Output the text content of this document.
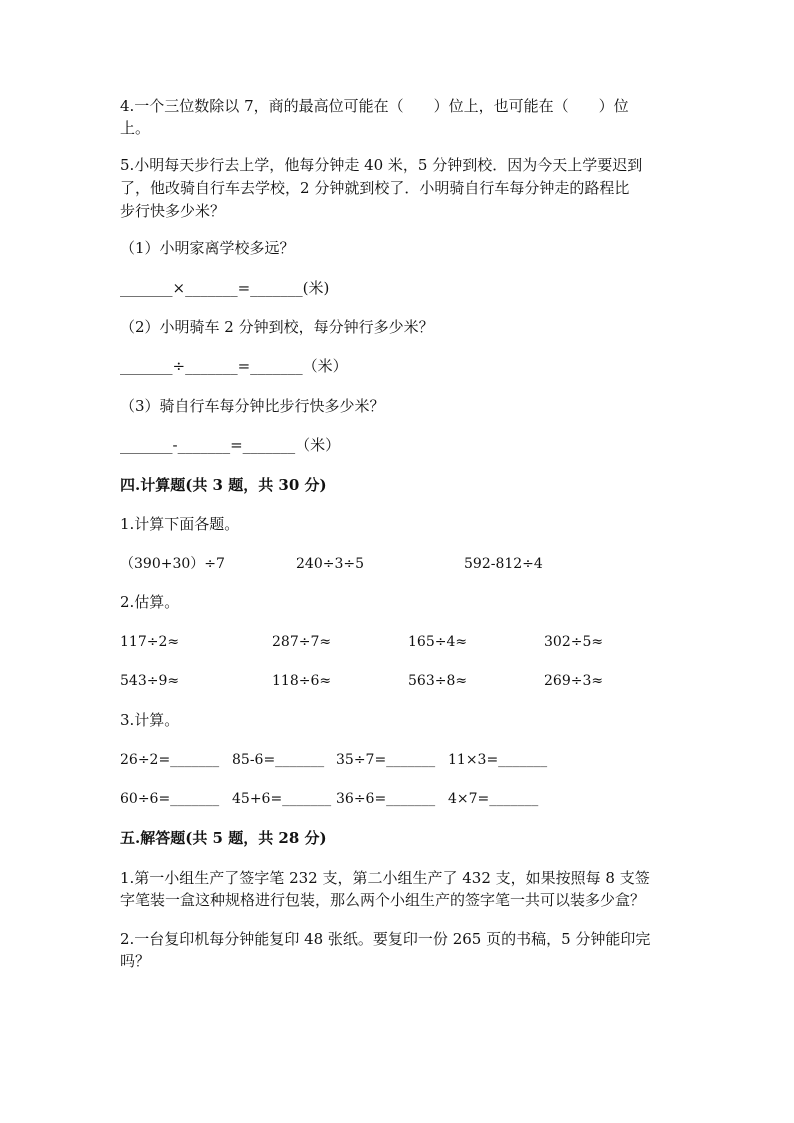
4.一个三位数除以 7，商的最高位可能在（　　）位上，也可能在（　　）位
上。
5.小明每天步行去上学，他每分钟走 40 米，5 分钟到校．因为今天上学要迟到
了，他改骑自行车去学校，2 分钟就到校了．小明骑自行车每分钟走的路程比
步行快多少米？
（1）小明家离学校多远？
_______×_______=_______(米)
（2）小明骑车 2 分钟到校，每分钟行多少米？
_______÷_______=_______（米）
（3）骑自行车每分钟比步行快多少米？
_______-_______=_______（米）
四.计算题(共 3 题，共 30 分)
1.计算下面各题。
（390+30）÷7	240÷3÷5	592-812÷4
2.估算。
117÷2≈	287÷7≈	165÷4≈	302÷5≈
543÷9≈	118÷6≈	563÷8≈	269÷3≈
3.计算。
26÷2=_______ 85-6=_______ 35÷7=_______ 11×3=_______
60÷6=_______ 45+6=_______ 36÷6=_______ 4×7=_______
五.解答题(共 5 题，共 28 分)
1.第一小组生产了签字笔 232 支，第二小组生产了 432 支，如果按照每 8 支签
字笔装一盒这种规格进行包装，那么两个小组生产的签字笔一共可以装多少盒？
2.一台复印机每分钟能复印 48 张纸。要复印一份 265 页的书稿，5 分钟能印完
吗？
